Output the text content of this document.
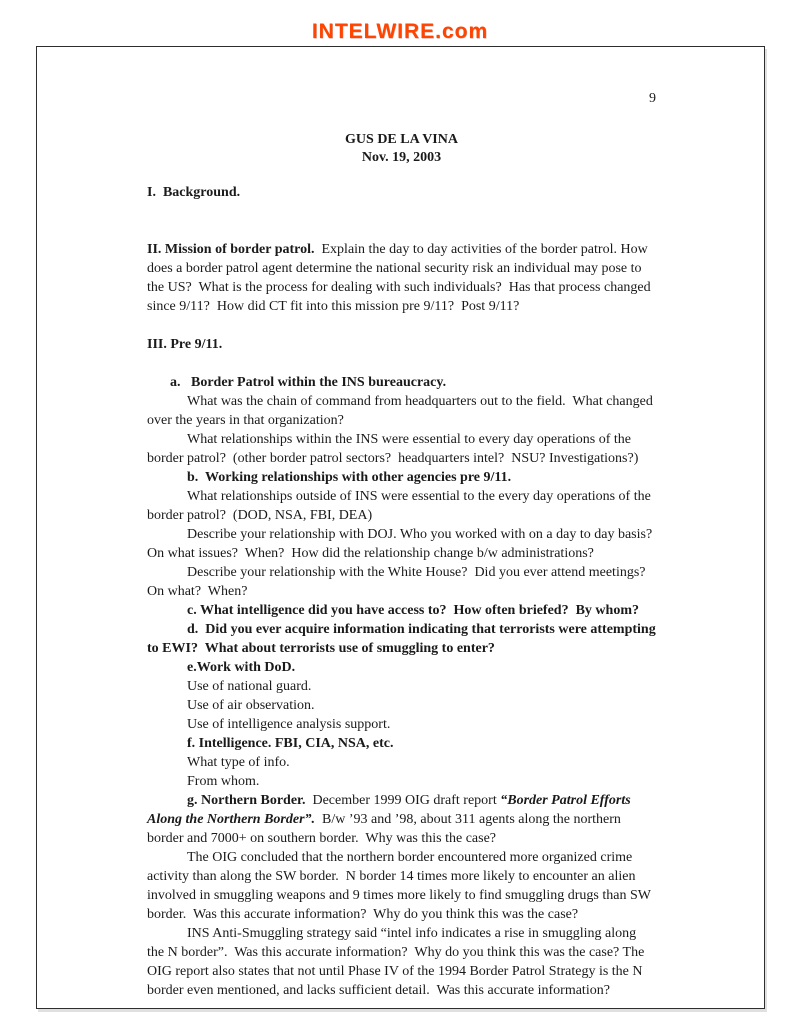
INTELWIRE.com
9
GUS DE LA VINA
Nov. 19, 2003

I.  Background.

II. Mission of border patrol.  Explain the day to day activities of the border patrol. How does a border patrol agent determine the national security risk an individual may pose to the US?  What is the process for dealing with such individuals?  Has that process changed since 9/11?  How did CT fit into this mission pre 9/11?  Post 9/11?

III. Pre 9/11.

a.   Border Patrol within the INS bureaucracy.

What was the chain of command from headquarters out to the field.  What changed over the years in that organization?

What relationships within the INS were essential to every day operations of the border patrol?  (other border patrol sectors?  headquarters intel?  NSU? Investigations?)

b.  Working relationships with other agencies pre 9/11.

What relationships outside of INS were essential to the every day operations of the border patrol?  (DOD, NSA, FBI, DEA)

Describe your relationship with DOJ. Who you worked with on a day to day basis?  On what issues?  When?  How did the relationship change b/w administrations?

Describe your relationship with the White House?  Did you ever attend meetings? On what?  When?

c. What intelligence did you have access to?  How often briefed?  By whom?

d.  Did you ever acquire information indicating that terrorists were attempting to EWI?  What about terrorists use of smuggling to enter?

e.Work with DoD.

Use of national guard.

Use of air observation.

Use of intelligence analysis support.

f. Intelligence. FBI, CIA, NSA, etc.

What type of info.

From whom.

g. Northern Border.  December 1999 OIG draft report “Border Patrol Efforts Along the Northern Border”.  B/w ’93 and ’98, about 311 agents along the northern border and 7000+ on southern border.  Why was this the case?

The OIG concluded that the northern border encountered more organized crime activity than along the SW border.  N border 14 times more likely to encounter an alien involved in smuggling weapons and 9 times more likely to find smuggling drugs than SW border.  Was this accurate information?  Why do you think this was the case?

INS Anti-Smuggling strategy said “intel info indicates a rise in smuggling along the N border”.  Was this accurate information?  Why do you think this was the case? The OIG report also states that not until Phase IV of the 1994 Border Patrol Strategy is the N border even mentioned, and lacks sufficient detail.  Was this accurate information?
